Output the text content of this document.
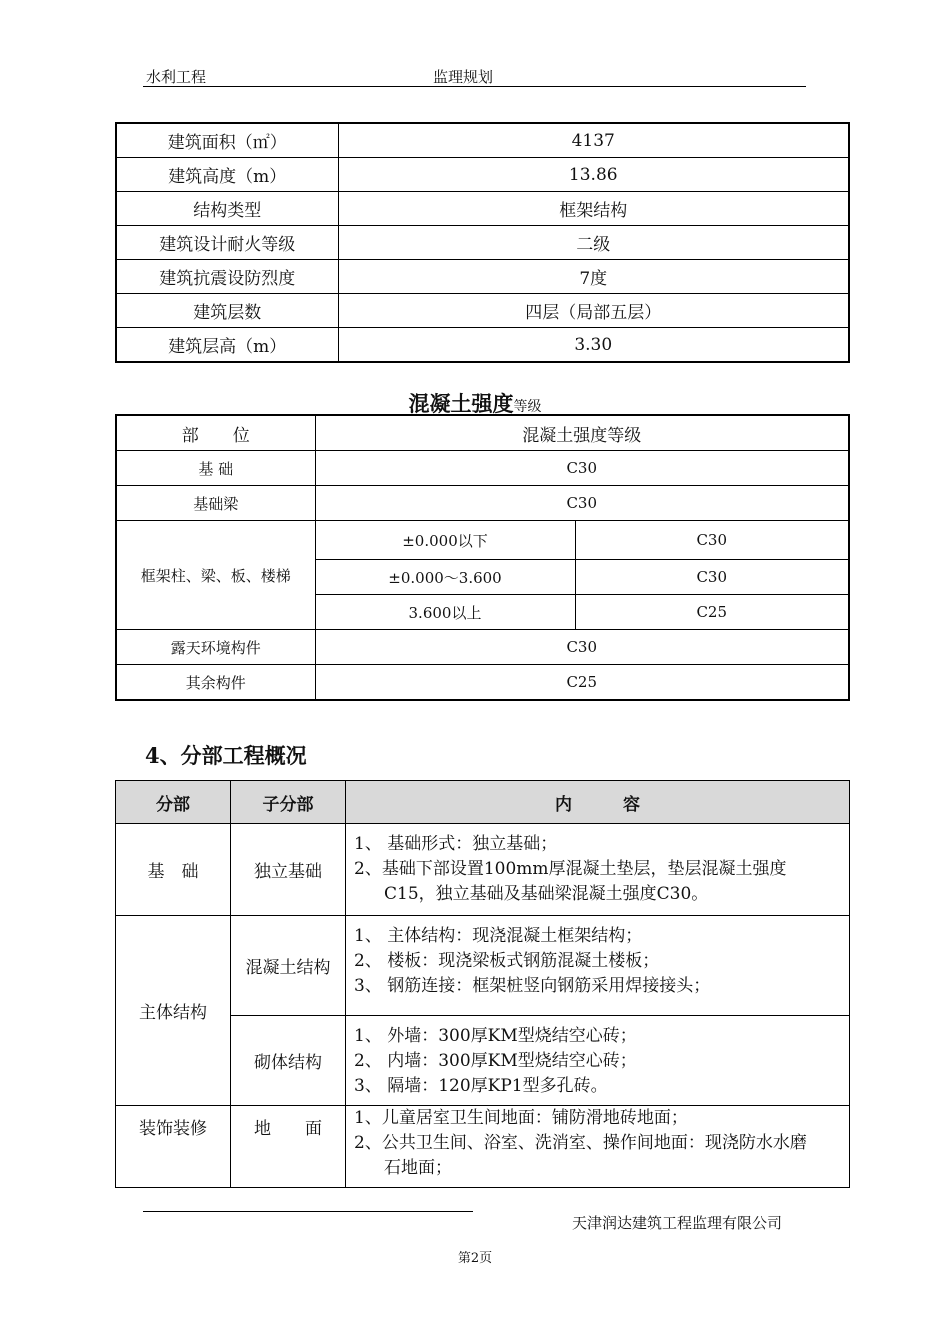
水利工程	监理规划
建筑面积（㎡）	4137
建筑高度（m）	13.86
结构类型	框架结构
建筑设计耐火等级	二级
建筑抗震设防烈度	7度
建筑层数	四层（局部五层）
建筑层高（m）	3.30
混凝土强度等级
部　　位	混凝土强度等级	
基 础	C30	
基础梁	C30	
框架柱、梁、板、楼梯	±0.000以下	C30
	±0.000～3.600	C30
	3.600以上	C25
露天环境构件	C30	
其余构件	C25	
4、分部工程概况
分部	子分部	内　　　容
基　础	独立基础	1、 基础形式：独立基础；
2、基础下部设置100mm厚混凝土垫层，垫层混凝土强度
C15，独立基础及基础梁混凝土强度C30。

主体结构	混凝土结构	1、 主体结构：现浇混凝土框架结构；
2、 楼板：现浇梁板式钢筋混凝土楼板；
3、 钢筋连接：框架桩竖向钢筋采用焊接接头；

	砌体结构	1、 外墙：300厚KM型烧结空心砖；
2、 内墙：300厚KM型烧结空心砖；
3、 隔墙：120厚KP1型多孔砖。

装饰装修	地　　面	1、儿童居室卫生间地面：铺防滑地砖地面；
2、公共卫生间、浴室、洗消室、操作间地面：现浇防水水磨
石地面；
天津润达建筑工程监理有限公司
第2页
